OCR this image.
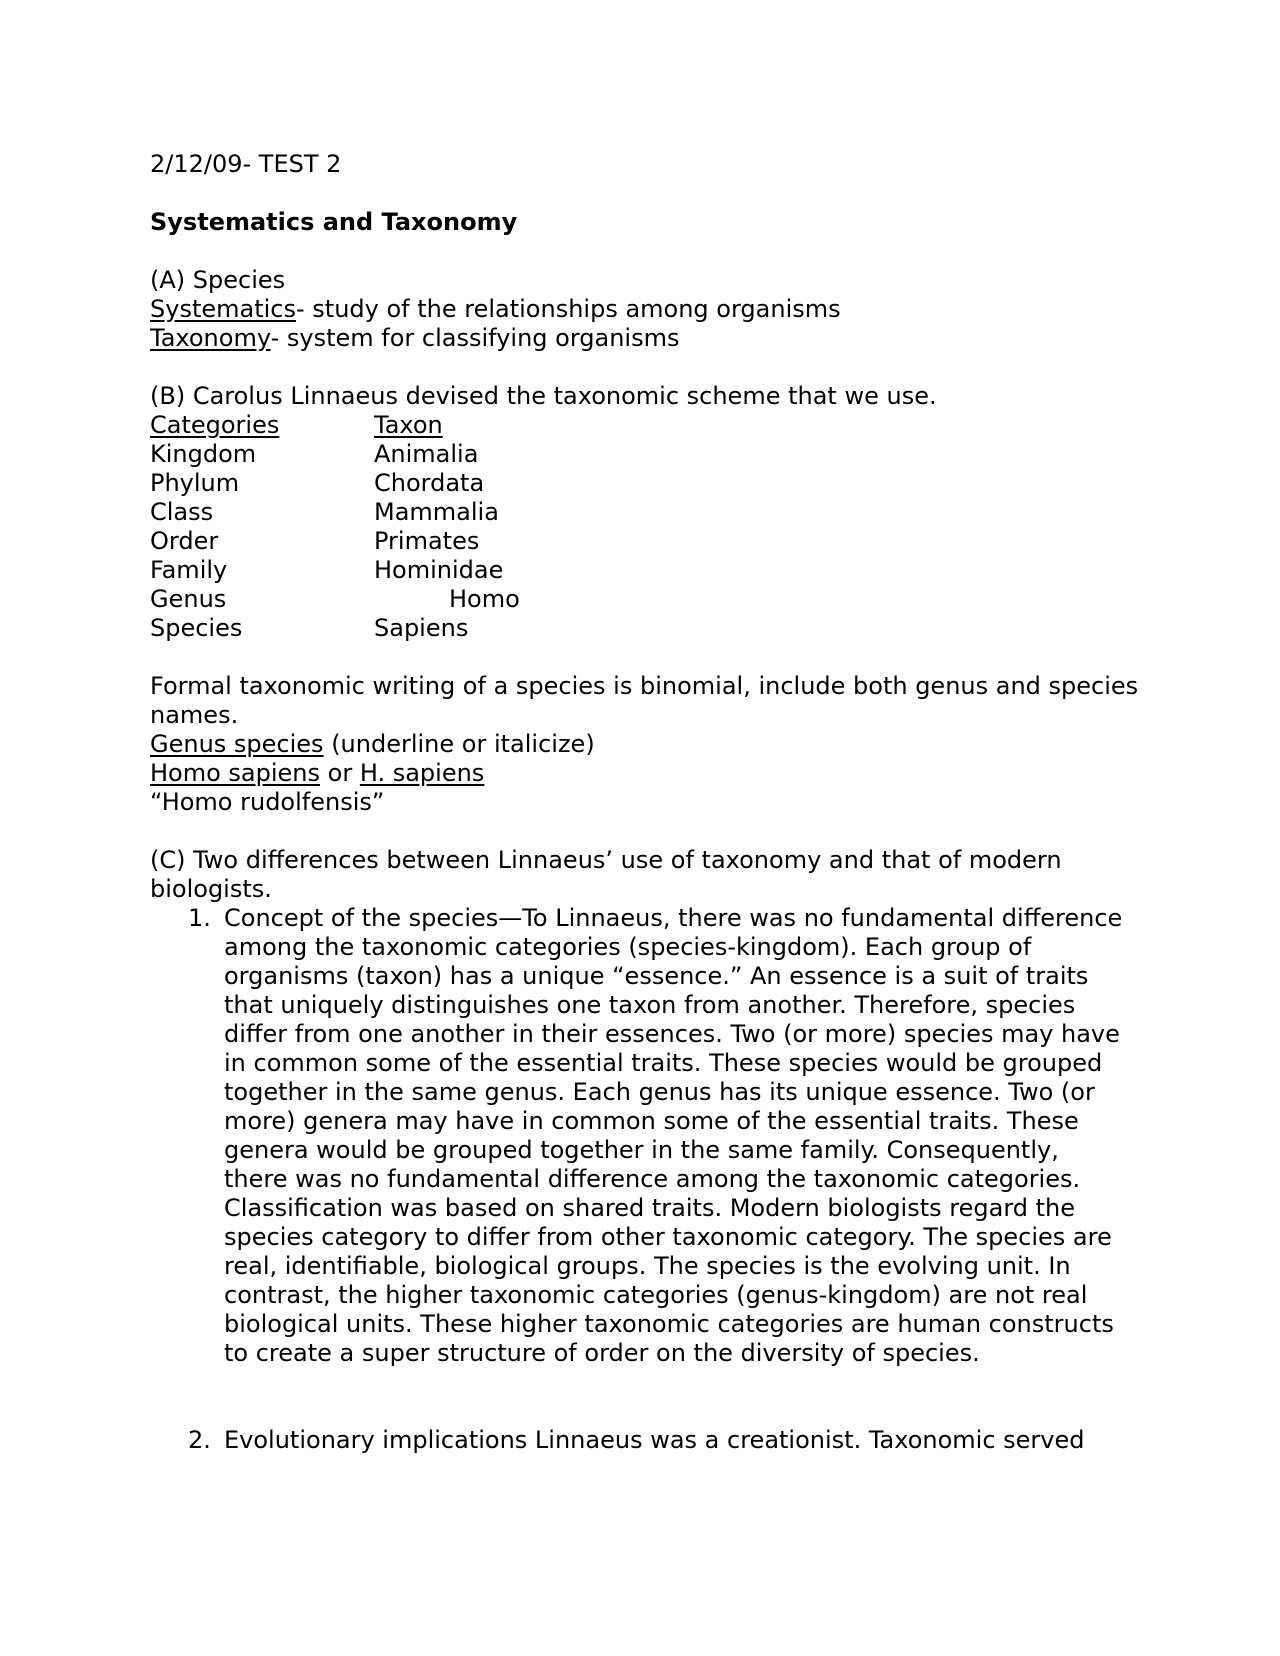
2/12/09- TEST 2

Systematics and Taxonomy

(A) Species

Systematics- study of the relationships among organisms

Taxonomy- system for classifying organisms

(B) Carolus Linnaeus devised the taxonomic scheme that we use.

Categories	Taxon
Kingdom	Animalia
Phylum	Chordata
Class	Mammalia
Order	Primates
Family	Hominidae
Genus	Homo
Species	Sapiens

Formal taxonomic writing of a species is binomial, include both genus and species names.

Genus species (underline or italicize)

Homo sapiens or H. sapiens

“Homo rudolfensis”

(C) Two differences between Linnaeus’ use of taxonomy and that of modern biologists.

1. Concept of the species—To Linnaeus, there was no fundamental difference among the taxonomic categories (species-kingdom). Each group of organisms (taxon) has a unique “essence.” An essence is a suit of traits that uniquely distinguishes one taxon from another. Therefore, species differ from one another in their essences. Two (or more) species may have in common some of the essential traits. These species would be grouped together in the same genus. Each genus has its unique essence. Two (or more) genera may have in common some of the essential traits. These genera would be grouped together in the same family. Consequently, there was no fundamental difference among the taxonomic categories. Classification was based on shared traits. Modern biologists regard the species category to differ from other taxonomic category. The species are real, identifiable, biological groups. The species is the evolving unit. In contrast, the higher taxonomic categories (genus-kingdom) are not real biological units. These higher taxonomic categories are human constructs to create a super structure of order on the diversity of species.
2. Evolutionary implications Linnaeus was a creationist. Taxonomic served
